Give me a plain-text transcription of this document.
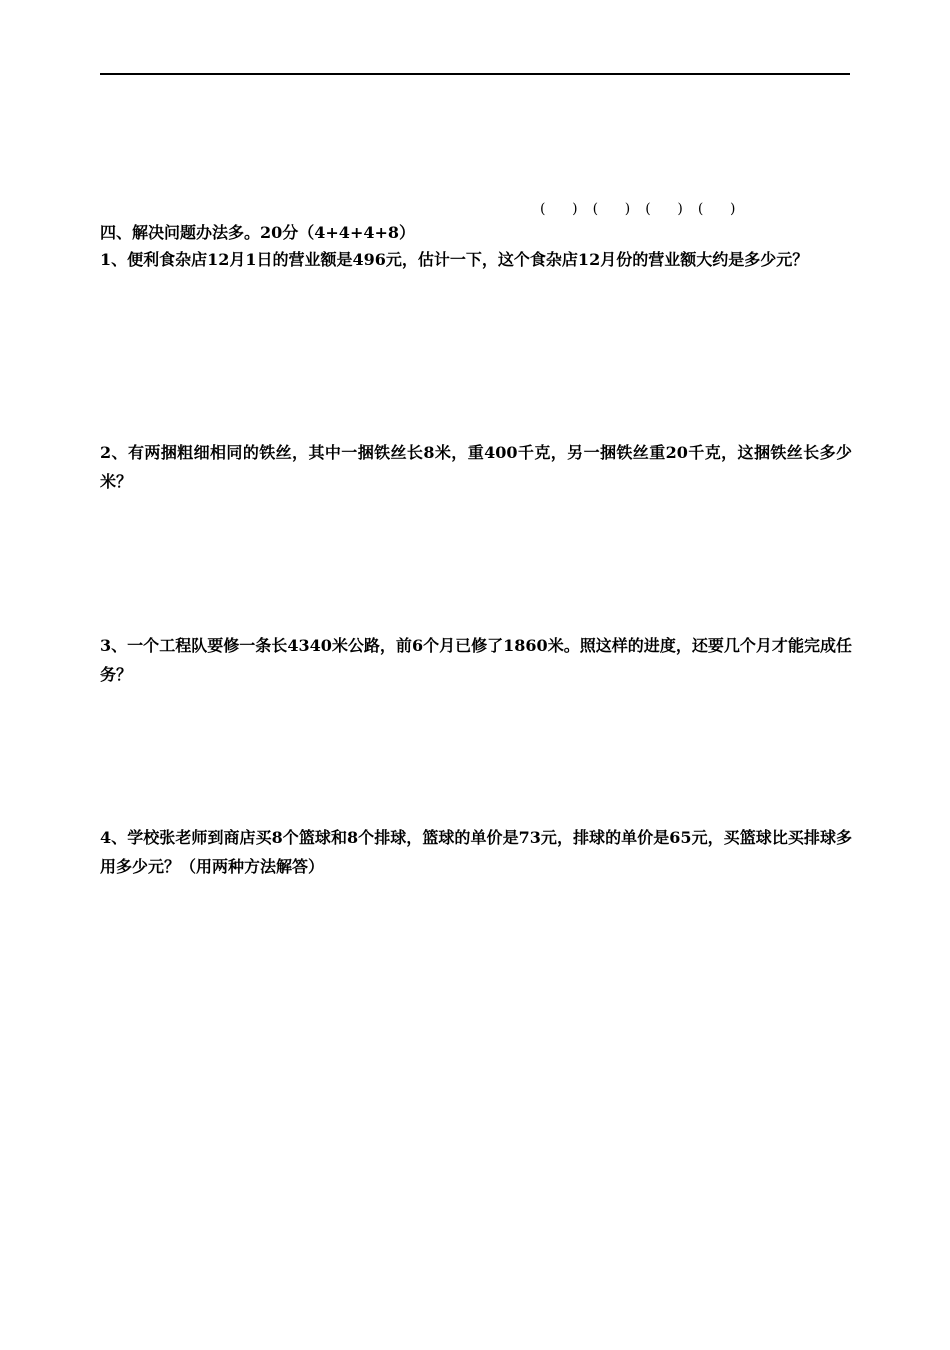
(      ) (      ) (      ) (      )
四、解决问题办法多。20分（4+4+4+8）
1、便利食杂店12月1日的营业额是496元，估计一下，这个食杂店12月份的营业额大约是多少元？
2、有两捆粗细相同的铁丝，其中一捆铁丝长8米，重400千克，另一捆铁丝重20千克，这捆铁丝长多少米？
3、一个工程队要修一条长4340米公路，前6个月已修了1860米。照这样的进度，还要几个月才能完成任务？
4、学校张老师到商店买8个篮球和8个排球，篮球的单价是73元，排球的单价是65元，买篮球比买排球多用多少元？（用两种方法解答）
